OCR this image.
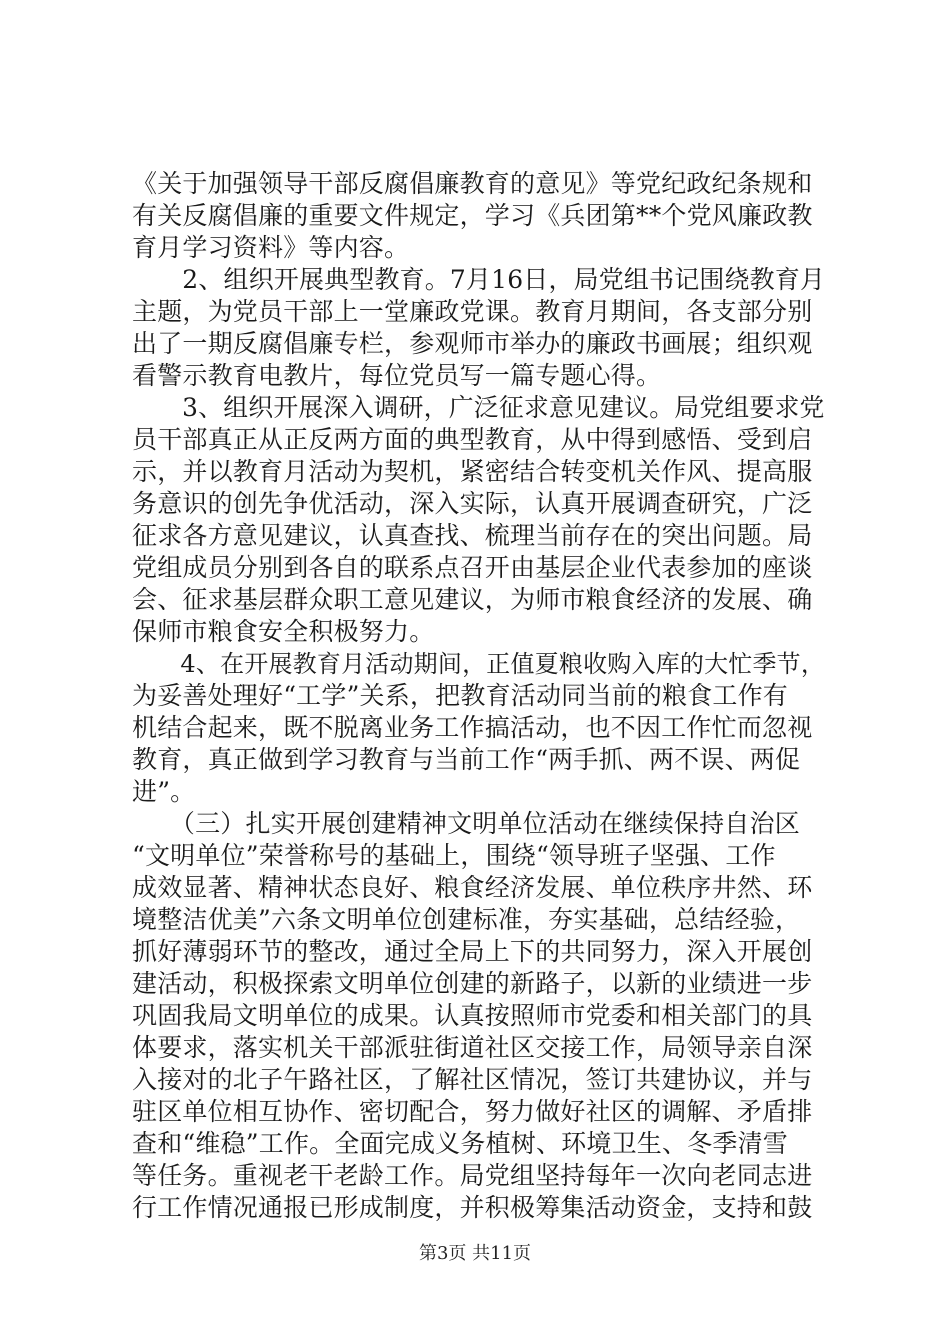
《关于加强领导干部反腐倡廉教育的意见》等党纪政纪条规和
有关反腐倡廉的重要文件规定，学习《兵团第**个党风廉政教
育月学习资料》等内容。
　　2、组织开展典型教育。7月16日，局党组书记围绕教育月
主题，为党员干部上一堂廉政党课。教育月期间，各支部分别
出了一期反腐倡廉专栏，参观师市举办的廉政书画展；组织观
看警示教育电教片，每位党员写一篇专题心得。
　　3、组织开展深入调研，广泛征求意见建议。局党组要求党
员干部真正从正反两方面的典型教育，从中得到感悟、受到启
示，并以教育月活动为契机，紧密结合转变机关作风、提高服
务意识的创先争优活动，深入实际，认真开展调查研究，广泛
征求各方意见建议，认真查找、梳理当前存在的突出问题。局
党组成员分别到各自的联系点召开由基层企业代表参加的座谈
会、征求基层群众职工意见建议，为师市粮食经济的发展、确
保师市粮食安全积极努力。
　　4、在开展教育月活动期间，正值夏粮收购入库的大忙季节，
为妥善处理好“工学”关系，把教育活动同当前的粮食工作有
机结合起来，既不脱离业务工作搞活动，也不因工作忙而忽视
教育，真正做到学习教育与当前工作“两手抓、两不误、两促
进”。
　　（三）扎实开展创建精神文明单位活动在继续保持自治区
“文明单位”荣誉称号的基础上，围绕“领导班子坚强、工作
成效显著、精神状态良好、粮食经济发展、单位秩序井然、环
境整洁优美”六条文明单位创建标准，夯实基础，总结经验，
抓好薄弱环节的整改，通过全局上下的共同努力，深入开展创
建活动，积极探索文明单位创建的新路子，以新的业绩进一步
巩固我局文明单位的成果。认真按照师市党委和相关部门的具
体要求，落实机关干部派驻街道社区交接工作，局领导亲自深
入接对的北子午路社区，了解社区情况，签订共建协议，并与
驻区单位相互协作、密切配合，努力做好社区的调解、矛盾排
查和“维稳”工作。全面完成义务植树、环境卫生、冬季清雪
等任务。重视老干老龄工作。局党组坚持每年一次向老同志进
行工作情况通报已形成制度，并积极筹集活动资金，支持和鼓
第3页 共11页
